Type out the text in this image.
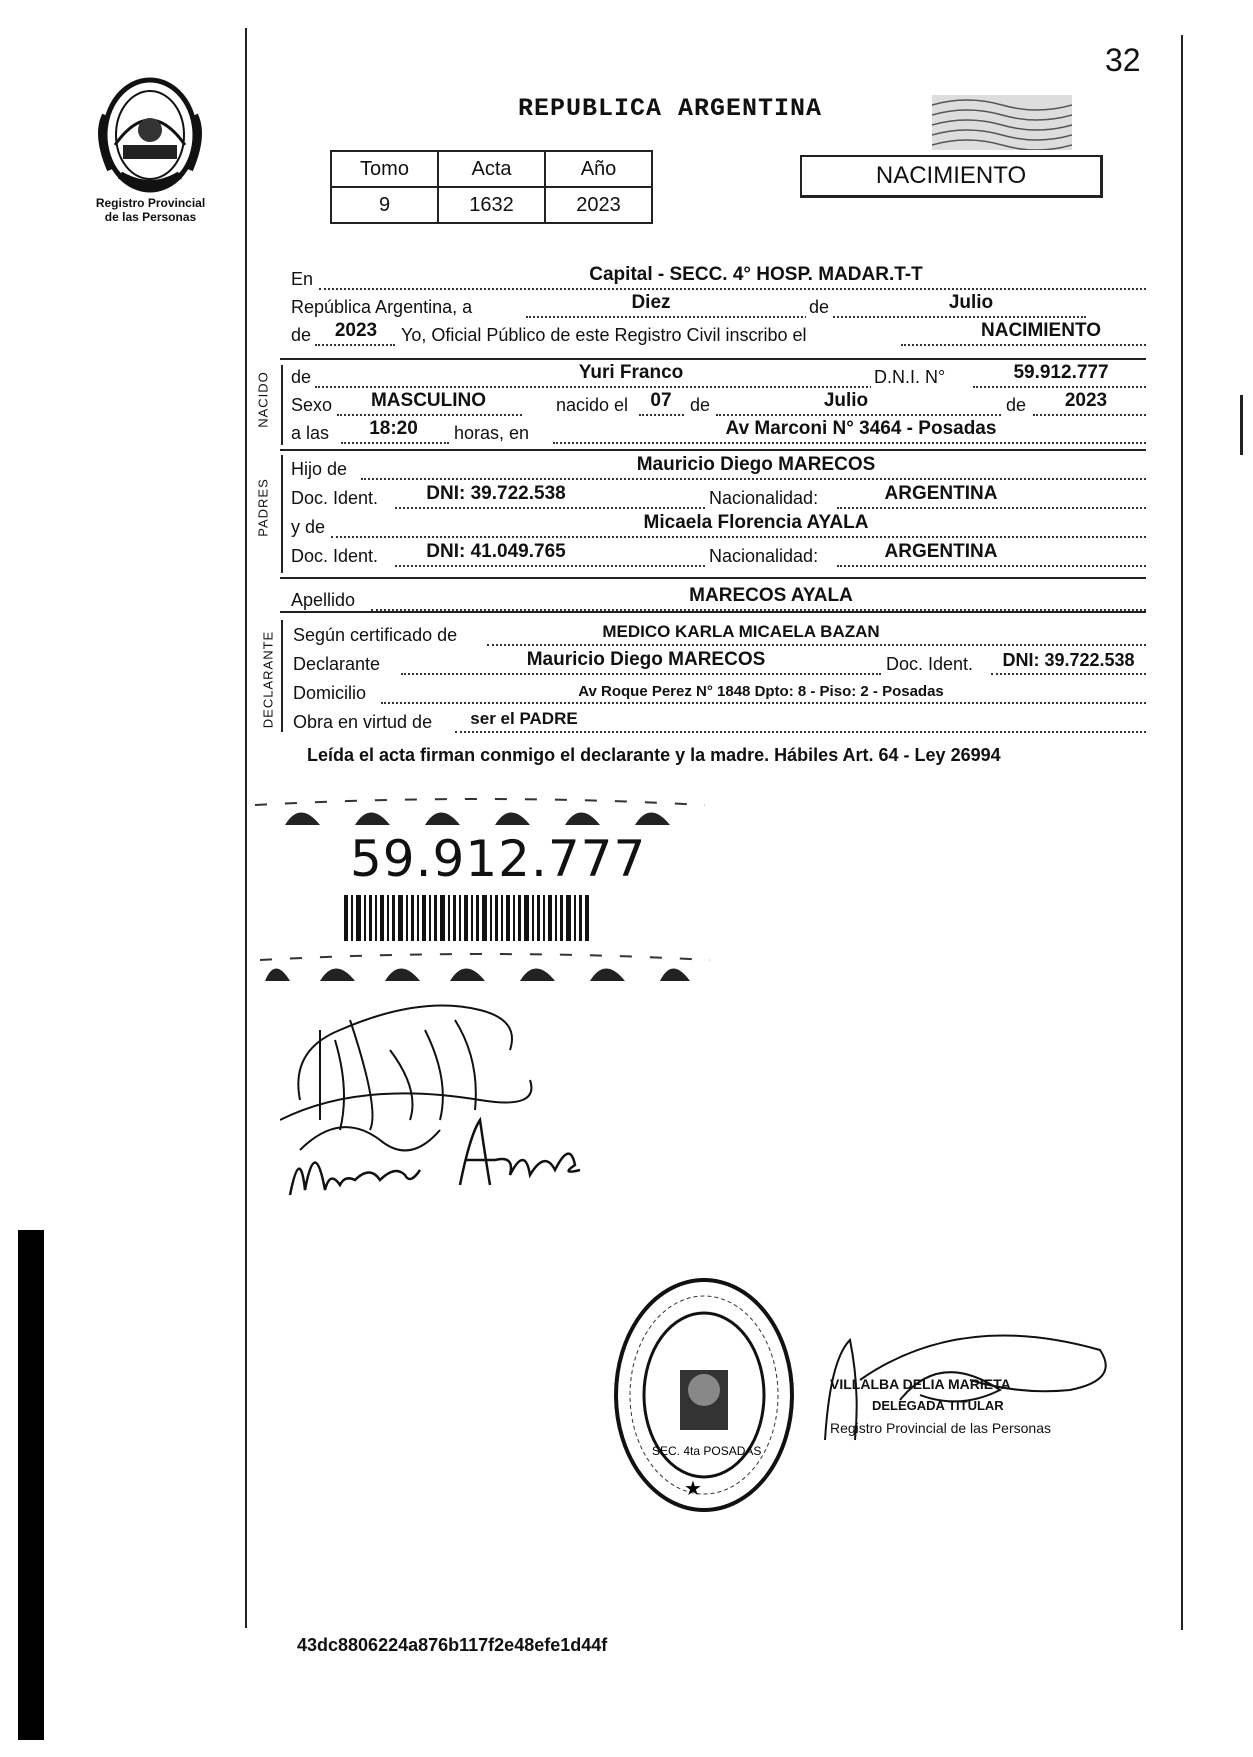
Registro Provincial
de las Personas
32
REPUBLICA ARGENTINA
Tomo	Acta	Año
9	1632	2023
NACIMIENTO
En	Capital - SECC. 4° HOSP. MADAR.T-T
República Argentina, a	Diez	de	Julio
de	2023	Yo, Oficial Público de este Registro Civil inscribo el	NACIMIENTO
NACIDO de	Yuri Franco	D.N.I. N°	59.912.777
Sexo	MASCULINO	nacido el	07	de	Julio	de	2023
a las	18:20	horas, en	Av Marconi N° 3464 - Posadas
PADRES
Hijo de	Mauricio Diego MARECOS
Doc. Ident.	DNI: 39.722.538	Nacionalidad:	ARGENTINA
y de	Micaela Florencia AYALA
Doc. Ident.	DNI: 41.049.765	Nacionalidad:	ARGENTINA
Apellido	MARECOS AYALA
DECLARANTE Según certificado de	MEDICO KARLA MICAELA BAZAN
Declarante	Mauricio Diego MARECOS	Doc. Ident.	DNI: 39.722.538
Domicilio	Av Roque Perez N° 1848 Dpto: 8 - Piso: 2 - Posadas
Obra en virtud de	ser el PADRE
Leída el acta firman conmigo el declarante y la madre. Hábiles Art. 64 - Ley 26994
59.912.777
SEC. 4ta POSADAS
★
VILLALBA DELIA MARIETA
DELEGADA TITULAR
Registro Provincial de las Personas
43dc8806224a876b117f2e48efe1d44f
